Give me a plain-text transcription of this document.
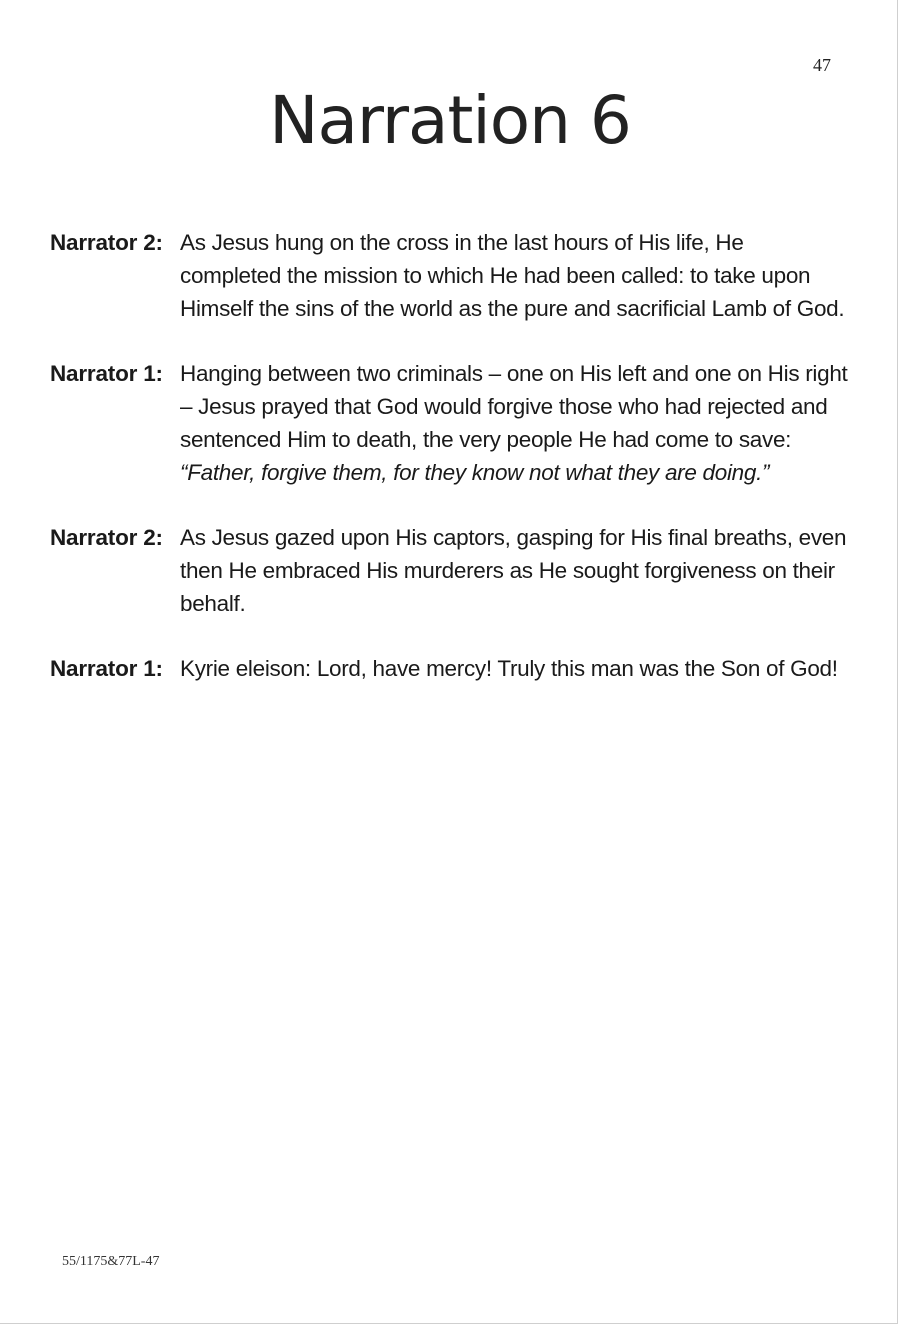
47
Narration 6
Narrator 2: As Jesus hung on the cross in the last hours of His life, He completed the mission to which He had been called: to take upon Himself the sins of the world as the pure and sacrificial Lamb of God.
Narrator 1: Hanging between two criminals – one on His left and one on His right – Jesus prayed that God would forgive those who had rejected and sentenced Him to death, the very people He had come to save: “Father, forgive them, for they know not what they are doing.”
Narrator 2: As Jesus gazed upon His captors, gasping for His final breaths, even then He embraced His murderers as He sought forgiveness on their behalf.
Narrator 1: Kyrie eleison: Lord, have mercy! Truly this man was the Son of God!
55/1175&77L-47
